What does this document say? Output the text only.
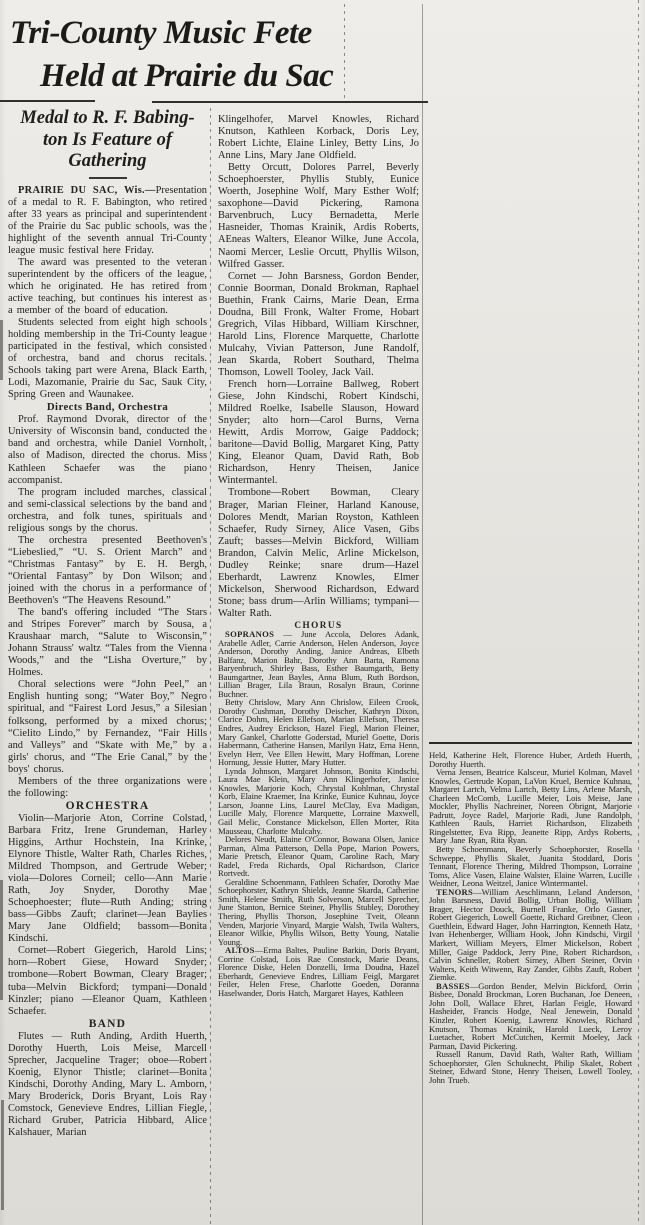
Tri-County Music Fete
Held at Prairie du Sac
Medal to R. F. Babing-
ton Is Feature of
Gathering

PRAIRIE DU SAC, Wis.—Presentation of a medal to R. F. Babington, who retired after 33 years as principal and superintendent of the Prairie du Sac public schools, was the highlight of the seventh annual Tri-County league music festival here Friday.

The award was presented to the veteran superintendent by the officers of the league, which he originated. He has retired from active teaching, but continues his interest as a member of the board of education.

Students selected from eight high schools holding membership in the Tri-County league participated in the festival, which consisted of orchestra, band and chorus recitals. Schools taking part were Arena, Black Earth, Lodi, Mazomanie, Prairie du Sac, Sauk City, Spring Green and Waunakee.

Directs Band, Orchestra

Prof. Raymond Dvorak, director of the University of Wisconsin band, conducted the band and orchestra, while Daniel Vornholt, also of Madison, directed the chorus. Miss Kathleen Schaefer was the piano accompanist.

The program included marches, classical and semi-classical selections by the band and orchestra, and folk tunes, spirituals and religious songs by the chorus.

The orchestra presented Beethoven's “Liebeslied,” “U. S. Orient March” and “Christmas Fantasy” by E. H. Bergh, “Oriental Fantasy” by Don Wilson; and joined with the chorus in a performance of Beethoven's “The Heavens Resound.”

The band's offering included “The Stars and Stripes Forever” march by Sousa, a Kraushaar march, “Salute to Wisconsin,” Johann Strauss' waltz “Tales from the Vienna Woods,” and the “Lisha Overture,” by Holmes.

Choral selections were “John Peel,” an English hunting song; “Water Boy,” Negro spiritual, and “Fairest Lord Jesus,” a Silesian folksong, performed by a mixed chorus; “Cielito Lindo,” by Fernandez, “Fair Hills and Valleys” and “Skate with Me,” by a girls' chorus, and “The Erie Canal,” by the boys' chorus.

Members of the three organizations were the following:

ORCHESTRA

Violin—Marjorie Aton, Corrine Colstad, Barbara Fritz, Irene Grundeman, Harley Higgins, Arthur Hochstein, Ina Krinke, Elynore Thistle, Walter Rath, Charles Riches, Mildred Thompson, and Gertrude Weber; viola—Dolores Corneil; cello—Ann Marie Rath, Joy Snyder, Dorothy Mae Schoephoester; flute—Ruth Anding; string bass—Gibbs Zauft; clarinet—Jean Baylies Mary Jane Oldfield; bassom—Bonita Kindschi.

Cornet—Robert Giegerich, Harold Lins; horn—Robert Giese, Howard Snyder; trombone—Robert Bowman, Cleary Brager; tuba—Melvin Bickford; tympani—Donald Kinzler; piano —Eleanor Quam, Kathleen Schaefer.

BAND

Flutes — Ruth Anding, Ardith Huerth, Dorothy Huerth, Lois Meise, Marcell Sprecher, Jacqueline Trager; oboe—Robert Koenig, Elynor Thistle; clarinet—Bonita Kindschi, Dorothy Anding, Mary L. Amborn, Mary Broderick, Doris Bryant, Lois Ray Comstock, Genevieve Endres, Lillian Fiegle, Richard Gruber, Patricia Hibbard, Alice Kalshauer, Marian

Klingelhofer, Marvel Knowles, Richard Knutson, Kathleen Korback, Doris Ley, Robert Lichte, Elaine Linley, Betty Lins, Jo Anne Lins, Mary Jane Oldfield.

Betty Orcutt, Dolores Parrel, Beverly Schoephoerster, Phyllis Stubly, Eunice Woerth, Josephine Wolf, Mary Esther Wolf; saxophone—David Pickering, Ramona Barvenbruch, Lucy Bernadetta, Merle Hasneider, Thomas Krainik, Ardis Roberts, AEneas Walters, Eleanor Wilke, June Accola, Naomi Mercer, Leslie Orcutt, Phyllis Wilson, Wilfred Gasser.

Cornet — John Barsness, Gordon Bender, Connie Boorman, Donald Brokman, Raphael Buethin, Frank Cairns, Marie Dean, Erma Doudna, Bill Fronk, Walter Frome, Hobart Gregrich, Vilas Hibbard, William Kirschner, Harold Lins, Florence Marquette, Charlotte Mulcahy, Vivian Patterson, June Randolf, Jean Skarda, Robert Southard, Thelma Thomson, Lowell Tooley, Jack Vail.

French horn—Lorraine Ballweg, Robert Giese, John Kindschi, Robert Kindschi, Mildred Roelke, Isabelle Slauson, Howard Snyder; alto horn—Carol Burns, Verna Hewitt, Ardis Morrow, Gaige Paddock; baritone—David Bollig, Margaret King, Patty King, Eleanor Quam, David Rath, Bob Richardson, Henry Theisen, Janice Wintermantel.

Trombone—Robert Bowman, Cleary Brager, Marian Fleiner, Harland Kanouse, Dolores Mendt, Marian Royston, Kathleen Schaefer, Rudy Sirney, Alice Vasen, Gibs Zauft; basses—Melvin Bickford, William Brandon, Calvin Melic, Arline Mickelson, Dudley Reinke; snare drum—Hazel Eberhardt, Lawrenz Knowles, Elmer Mickelson, Sherwood Richardson, Edward Stone; bass drum—Arlin Williams; tympani—Walter Rath.

CHORUS

SOPRANOS — June Accola, Delores Adank, Arabelle Adler, Carrie Anderson, Helen Anderson, Joyce Anderson, Dorothy Anding, Janice Andreas, Elbeth Balfanz, Marion Bahr, Dorothy Ann Barta, Ramona Baryenbruch, Shirley Bass, Esther Baumgarth, Betty Baumgartner, Jean Bayles, Anna Blum, Ruth Bordson, Lillian Brager, Lila Braun, Rosalyn Braun, Corinne Buchner.

Betty Chrislow, Mary Ann Chrislow, Eileen Crook, Dorothy Cushman, Dorothy Deischer, Kathryn Dixon, Clarice Dohm, Helen Ellefson, Marian Ellefson, Theresa Endres, Audrey Erickson, Hazel Fiegl, Marion Fleiner, Mary Gankel, Charlotte Goderstad, Muriel Goette, Doris Habermann, Catherine Hansen, Marilyn Hatz, Erna Henn, Evelyn Herr, Vee Ellen Hewitt, Mary Hoffman, Lorene Hornung, Jessie Hutter, Mary Hutter.

Lynda Johnson, Margaret Johnson, Bonita Kindschi, Laura Mae Klein, Mary Ann Klingerhofer, Janice Knowles, Marjorie Koch, Chrystal Kohlman, Chrystal Korb, Elaine Kraemer, Ina Krinke, Eunice Kuhnau, Joyce Larson, Joanne Lins, Laurel McClay, Eva Madigan, Lucille Maly, Florence Marquette, Lorraine Maxwell, Gail Melic, Constance Mickelson, Ellen Morter, Rita Mausseau, Charlotte Mulcahy.

Delores Neudt, Elaine O'Connor, Bowana Olsen, Janice Parman, Alma Patterson, Della Pope, Marion Powers, Marie Pretsch, Eleanor Quam, Caroline Rach, Mary Radel, Freda Richards, Opal Richardson, Clarice Rortvedt.

Geraldine Schoenmann, Fathleen Schafer, Dorothy Mae Schoephorster, Kathryn Shields, Jeanne Skarda, Catherine Smith, Helene Smith, Ruth Solverson, Marcell Sprecher, June Stanton, Bernice Steiner, Phyllis Stubley, Dorothey Thering, Phyllis Thorson, Josephine Tveit, Oleann Venden, Marjorie Vinyard, Margie Walsh, Twila Walters, Eleanor Wilkie, Phyllis Wilson, Betty Young, Natalie Young.

ALTOS—Erma Baltes, Pauline Barkin, Doris Bryant, Corrine Colstad, Lois Rae Constock, Marie Deans, Florence Diske, Helen Donzelli, Irma Doudna, Hazel Eberhardt, Genevieve Endres, Lilliam Feigl, Margaret Feiler, Helen Frese, Charlotte Goeden, Doranna Haselwander, Doris Hatch, Margaret Hayes, Kathleen

Held, Katherine Helt, Florence Huber, Ardeth Huerth, Dorothy Huerth.

Verna Jensen, Beatrice Kalsceur, Muriel Kolman, Mavel Knowles, Gertrude Kopan, LaVon Kruel, Bernice Kuhnau, Margaret Lartch, Velma Lartch, Betty Lins, Arlene Marsh, Charleen McComb, Lucille Meier, Lois Meise, Jane Mockler, Phyllis Nachreiner, Noreen Obrignt, Marjorie Padrutt, Joyce Radel, Marjorie Radi, June Randolph, Kathleen Rauls, Harriet Richardson, Elizabeth Ringelstetter, Eva Ripp, Jeanette Ripp, Ardys Roberts, Mary Jane Ryan, Rita Ryan.

Betty Schoenmann, Beverly Schoephorster, Rosella Schweppe, Phyllis Skalet, Juanita Stoddard, Doris Tennant, Florence Thering, Mildred Thompson, Lorraine Toms, Alice Vasen, Elaine Walster, Elaine Warren, Lucille Weidner, Leona Weitzel, Janice Wintermantel.

TENORS—William Aeschlimann, Leland Anderson, John Barsness, David Bollig, Urban Bollig, William Brager, Hector Douck, Burnell Franke, Orlo Gasner, Robert Giegerich, Lowell Goette, Richard Greibner, Cleon Guethlein, Edward Hager, John Harrington, Kenneth Hatz, Ivan Hehenberger, William Hook, John Kindschi, Virgil Markert, William Meyers, Elmer Mickelson, Robert Miller, Gaige Paddock, Jerry Pine, Robert Richardson, Calvin Schneller, Robert Sirney, Albert Steiner, Orvin Walters, Keith Witwenn, Ray Zander, Gibbs Zauft, Robert Ziemke.

BASSES—Gordon Bender, Melvin Bickford, Orrin Bisbee, Donald Brockman, Loren Buchanan, Joe Deneen, John Doll, Wallace Ehret, Harlan Feigle, Howard Hasheider, Francis Hodge, Neal Jenewein, Donald Kinzler, Robert Koenig, Lawrenz Knowles, Richard Knutson, Thomas Krainik, Harold Lueck, Leroy Luetacher, Robert McCutchen, Kermit Moeley, Jack Parman, David Pickering.

Russell Ranum, David Rath, Walter Rath, William Schoephorster, Glen Schuknecht, Philip Skalet, Robert Steiner, Edward Stone, Henry Theisen, Lowell Tooley, John Trueb.
